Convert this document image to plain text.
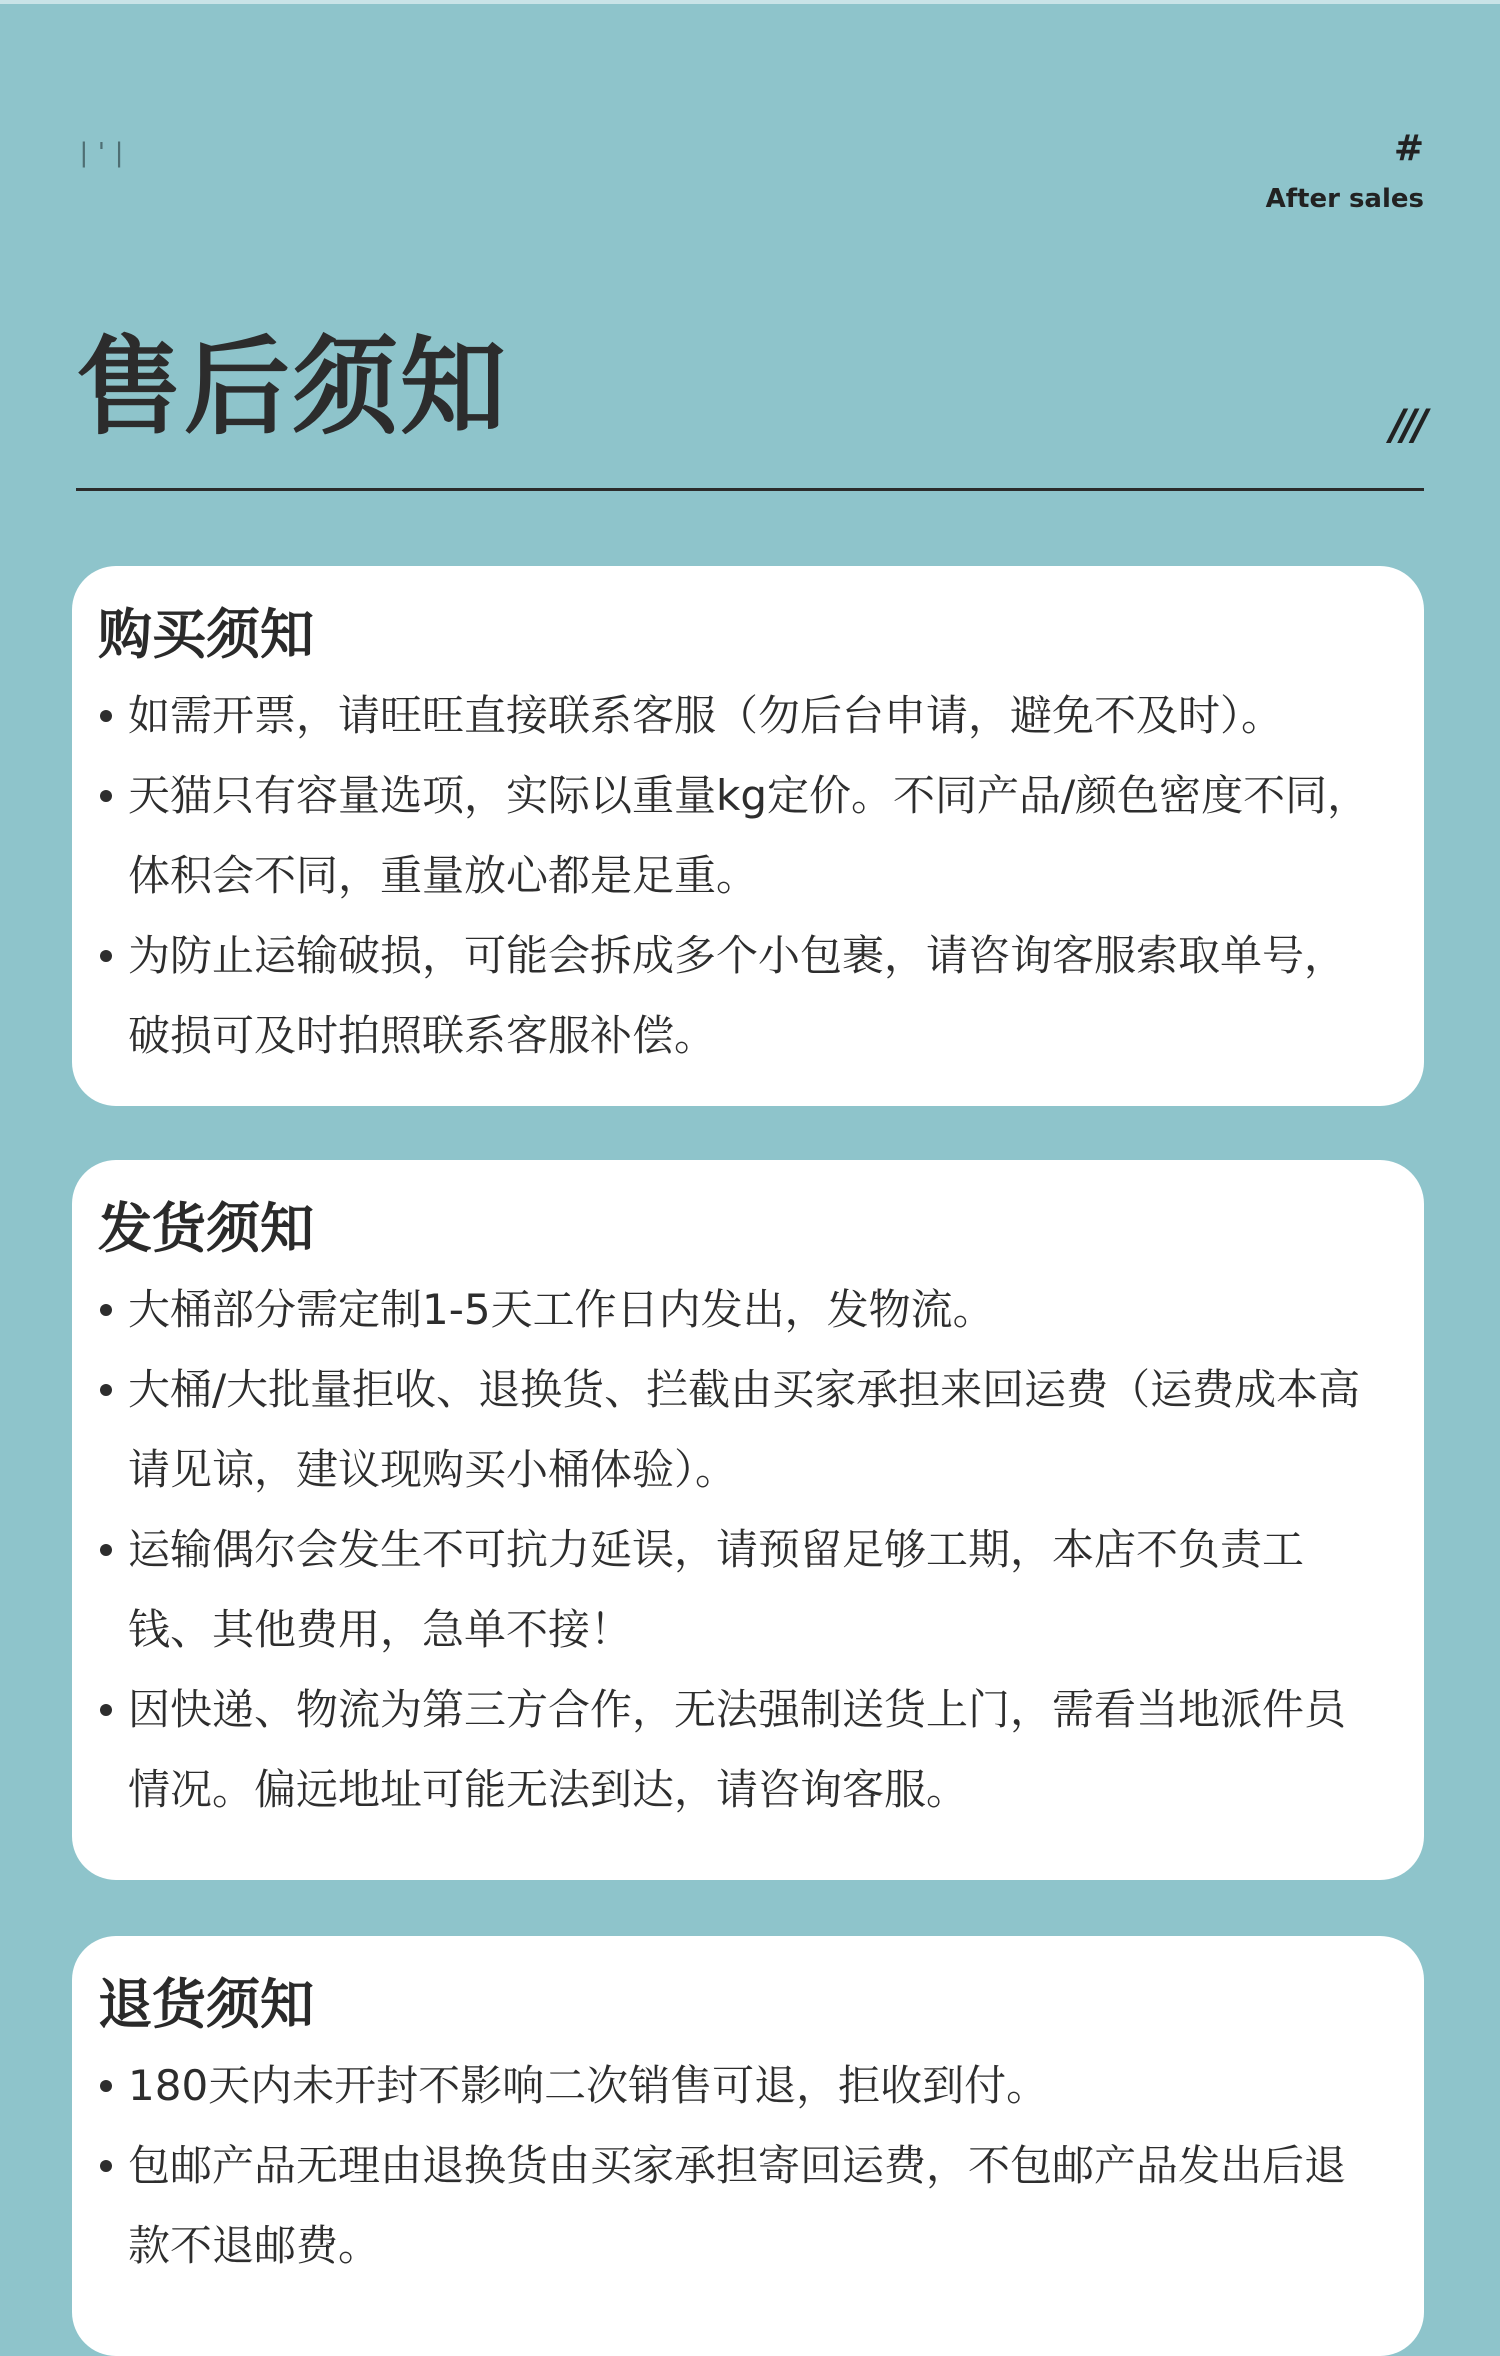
|'|	#
After sales
售后须知	///
购买须知
如需开票，请旺旺直接联系客服（勿后台申请，避免不及时）。
天猫只有容量选项，实际以重量kg定价。不同产品/颜色密度不同，体积会不同，重量放心都是足重。
为防止运输破损，可能会拆成多个小包裹，请咨询客服索取单号，破损可及时拍照联系客服补偿。
发货须知
大桶部分需定制1-5天工作日内发出，发物流。
大桶/大批量拒收、退换货、拦截由买家承担来回运费（运费成本高请见谅，建议现购买小桶体验）。
运输偶尔会发生不可抗力延误，请预留足够工期，本店不负责工钱、其他费用，急单不接！
因快递、物流为第三方合作，无法强制送货上门，需看当地派件员情况。偏远地址可能无法到达，请咨询客服。
退货须知
180天内未开封不影响二次销售可退，拒收到付。
包邮产品无理由退换货由买家承担寄回运费，不包邮产品发出后退款不退邮费。
